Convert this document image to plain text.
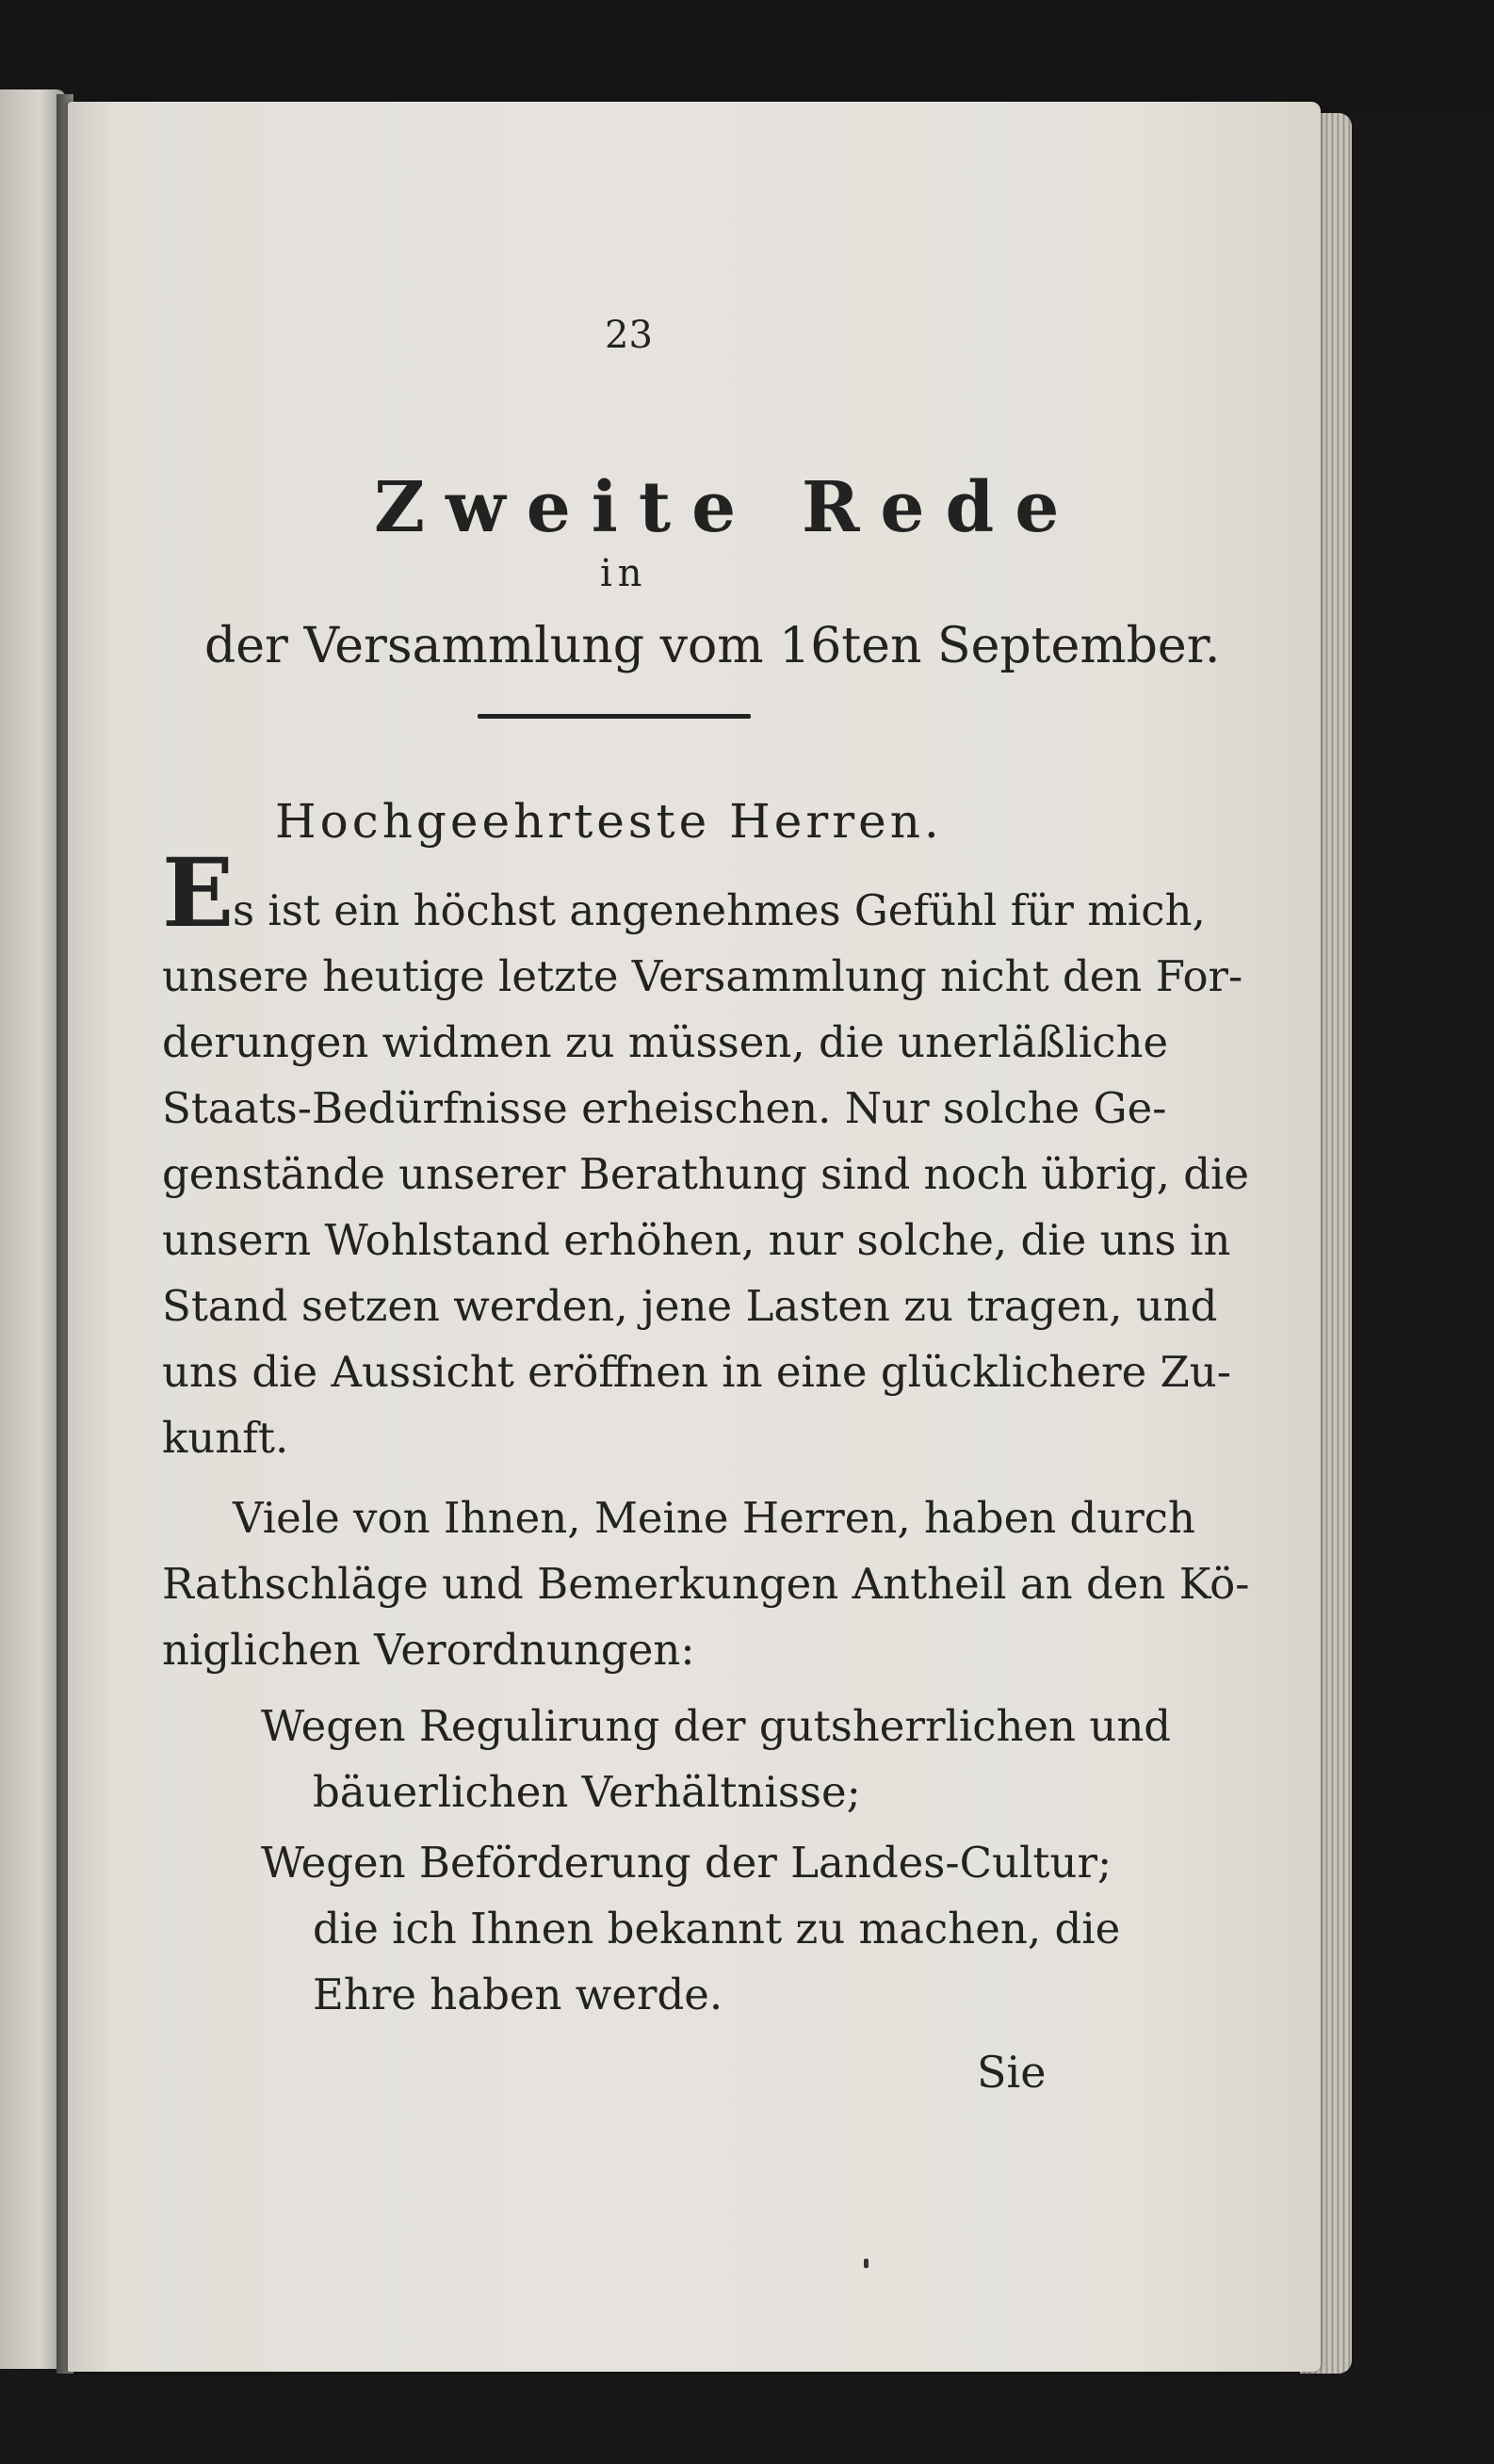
23
Zweite Rede
in
der Versammlung vom 16ten September.
Hochgeehrteste Herren.
E
s ist ein höchst angenehmes Gefühl für mich,
unsere heutige letzte Versammlung nicht den For-
derungen widmen zu müssen, die unerläßliche
Staats-Bedürfnisse erheischen. Nur solche Ge-
genstände unserer Berathung sind noch übrig, die
unsern Wohlstand erhöhen, nur solche, die uns in
Stand setzen werden, jene Lasten zu tragen, und
uns die Aussicht eröffnen in eine glücklichere Zu-
kunft.
Viele von Ihnen, Meine Herren, haben durch
Rathschläge und Bemerkungen Antheil an den Kö-
niglichen Verordnungen:
Wegen Regulirung der gutsherrlichen und
bäuerlichen Verhältnisse;
Wegen Beförderung der Landes-Cultur;
die ich Ihnen bekannt zu machen, die
Ehre haben werde.
Sie
